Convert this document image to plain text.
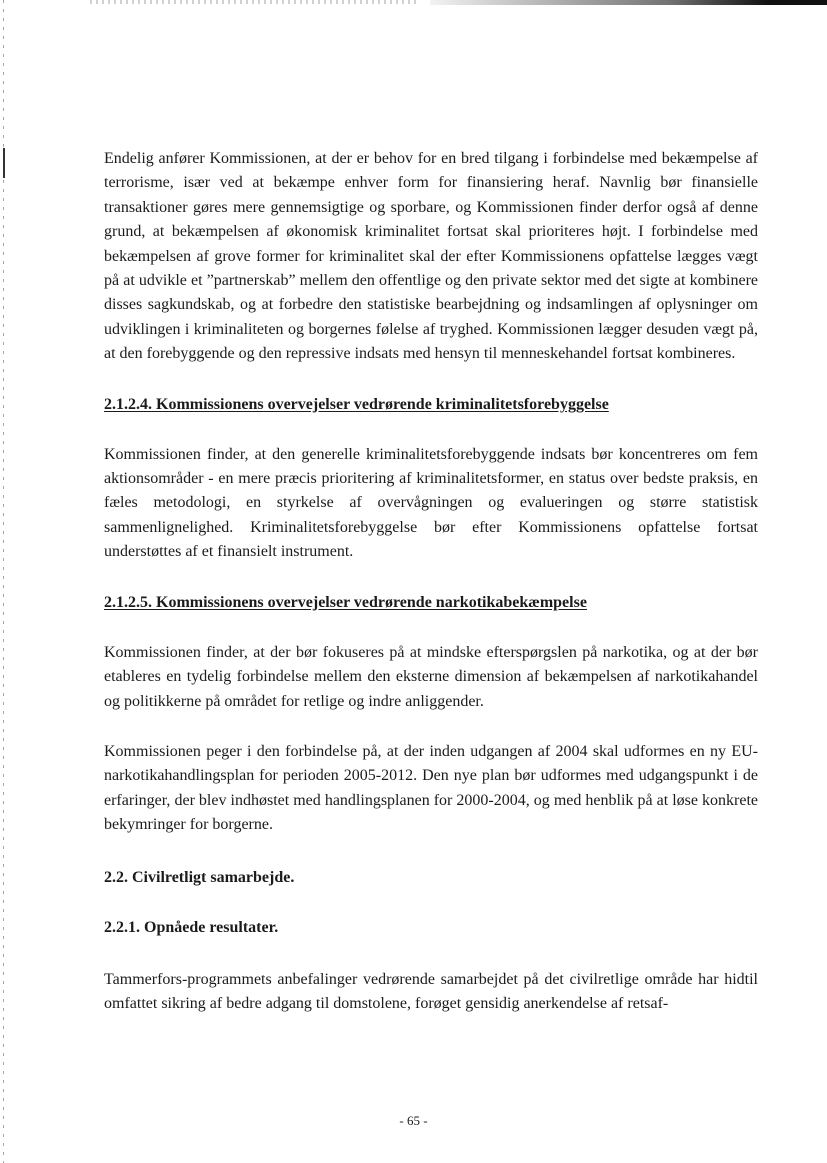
Endelig anfører Kommissionen, at der er behov for en bred tilgang i forbindelse med bekæmpelse af terrorisme, især ved at bekæmpe enhver form for finansiering heraf. Navnlig bør finansielle transaktioner gøres mere gennemsigtige og sporbare, og Kommissionen finder derfor også af denne grund, at bekæmpelsen af økonomisk kriminalitet fortsat skal prioriteres højt. I forbindelse med bekæmpelsen af grove former for kriminalitet skal der efter Kommissionens opfattelse lægges vægt på at udvikle et ”partnerskab” mellem den offentlige og den private sektor med det sigte at kombinere disses sagkundskab, og at forbedre den statistiske bearbejdning og indsamlingen af oplysninger om udviklingen i kriminaliteten og borgernes følelse af tryghed. Kommissionen lægger desuden vægt på, at den forebyggende og den repressive indsats med hensyn til menneskehandel fortsat kombineres.

2.1.2.4. Kommissionens overvejelser vedrørende kriminalitetsforebyggelse

Kommissionen finder, at den generelle kriminalitetsforebyggende indsats bør koncentreres om fem aktionsområder - en mere præcis prioritering af kriminalitetsformer, en status over bedste praksis, en fæles metodologi, en styrkelse af overvågningen og evalueringen og større statistisk sammenlignelighed. Kriminalitetsforebyggelse bør efter Kommissionens opfattelse fortsat understøttes af et finansielt instrument.

2.1.2.5. Kommissionens overvejelser vedrørende narkotikabekæmpelse

Kommissionen finder, at der bør fokuseres på at mindske efterspørgslen på narkotika, og at der bør etableres en tydelig forbindelse mellem den eksterne dimension af bekæmpelsen af narkotikahandel og politikkerne på området for retlige og indre anliggender.

Kommissionen peger i den forbindelse på, at der inden udgangen af 2004 skal udformes en ny EU-narkotikahandlingsplan for perioden 2005-2012. Den nye plan bør udformes med udgangspunkt i de erfaringer, der blev indhøstet med handlingsplanen for 2000-2004, og med henblik på at løse konkrete bekymringer for borgerne.

2.2. Civilretligt samarbejde.
2.2.1. Opnåede resultater.

Tammerfors-programmets anbefalinger vedrørende samarbejdet på det civilretlige område har hidtil omfattet sikring af bedre adgang til domstolene, forøget gensidig anerkendelse af retsaf-

- 65 -
